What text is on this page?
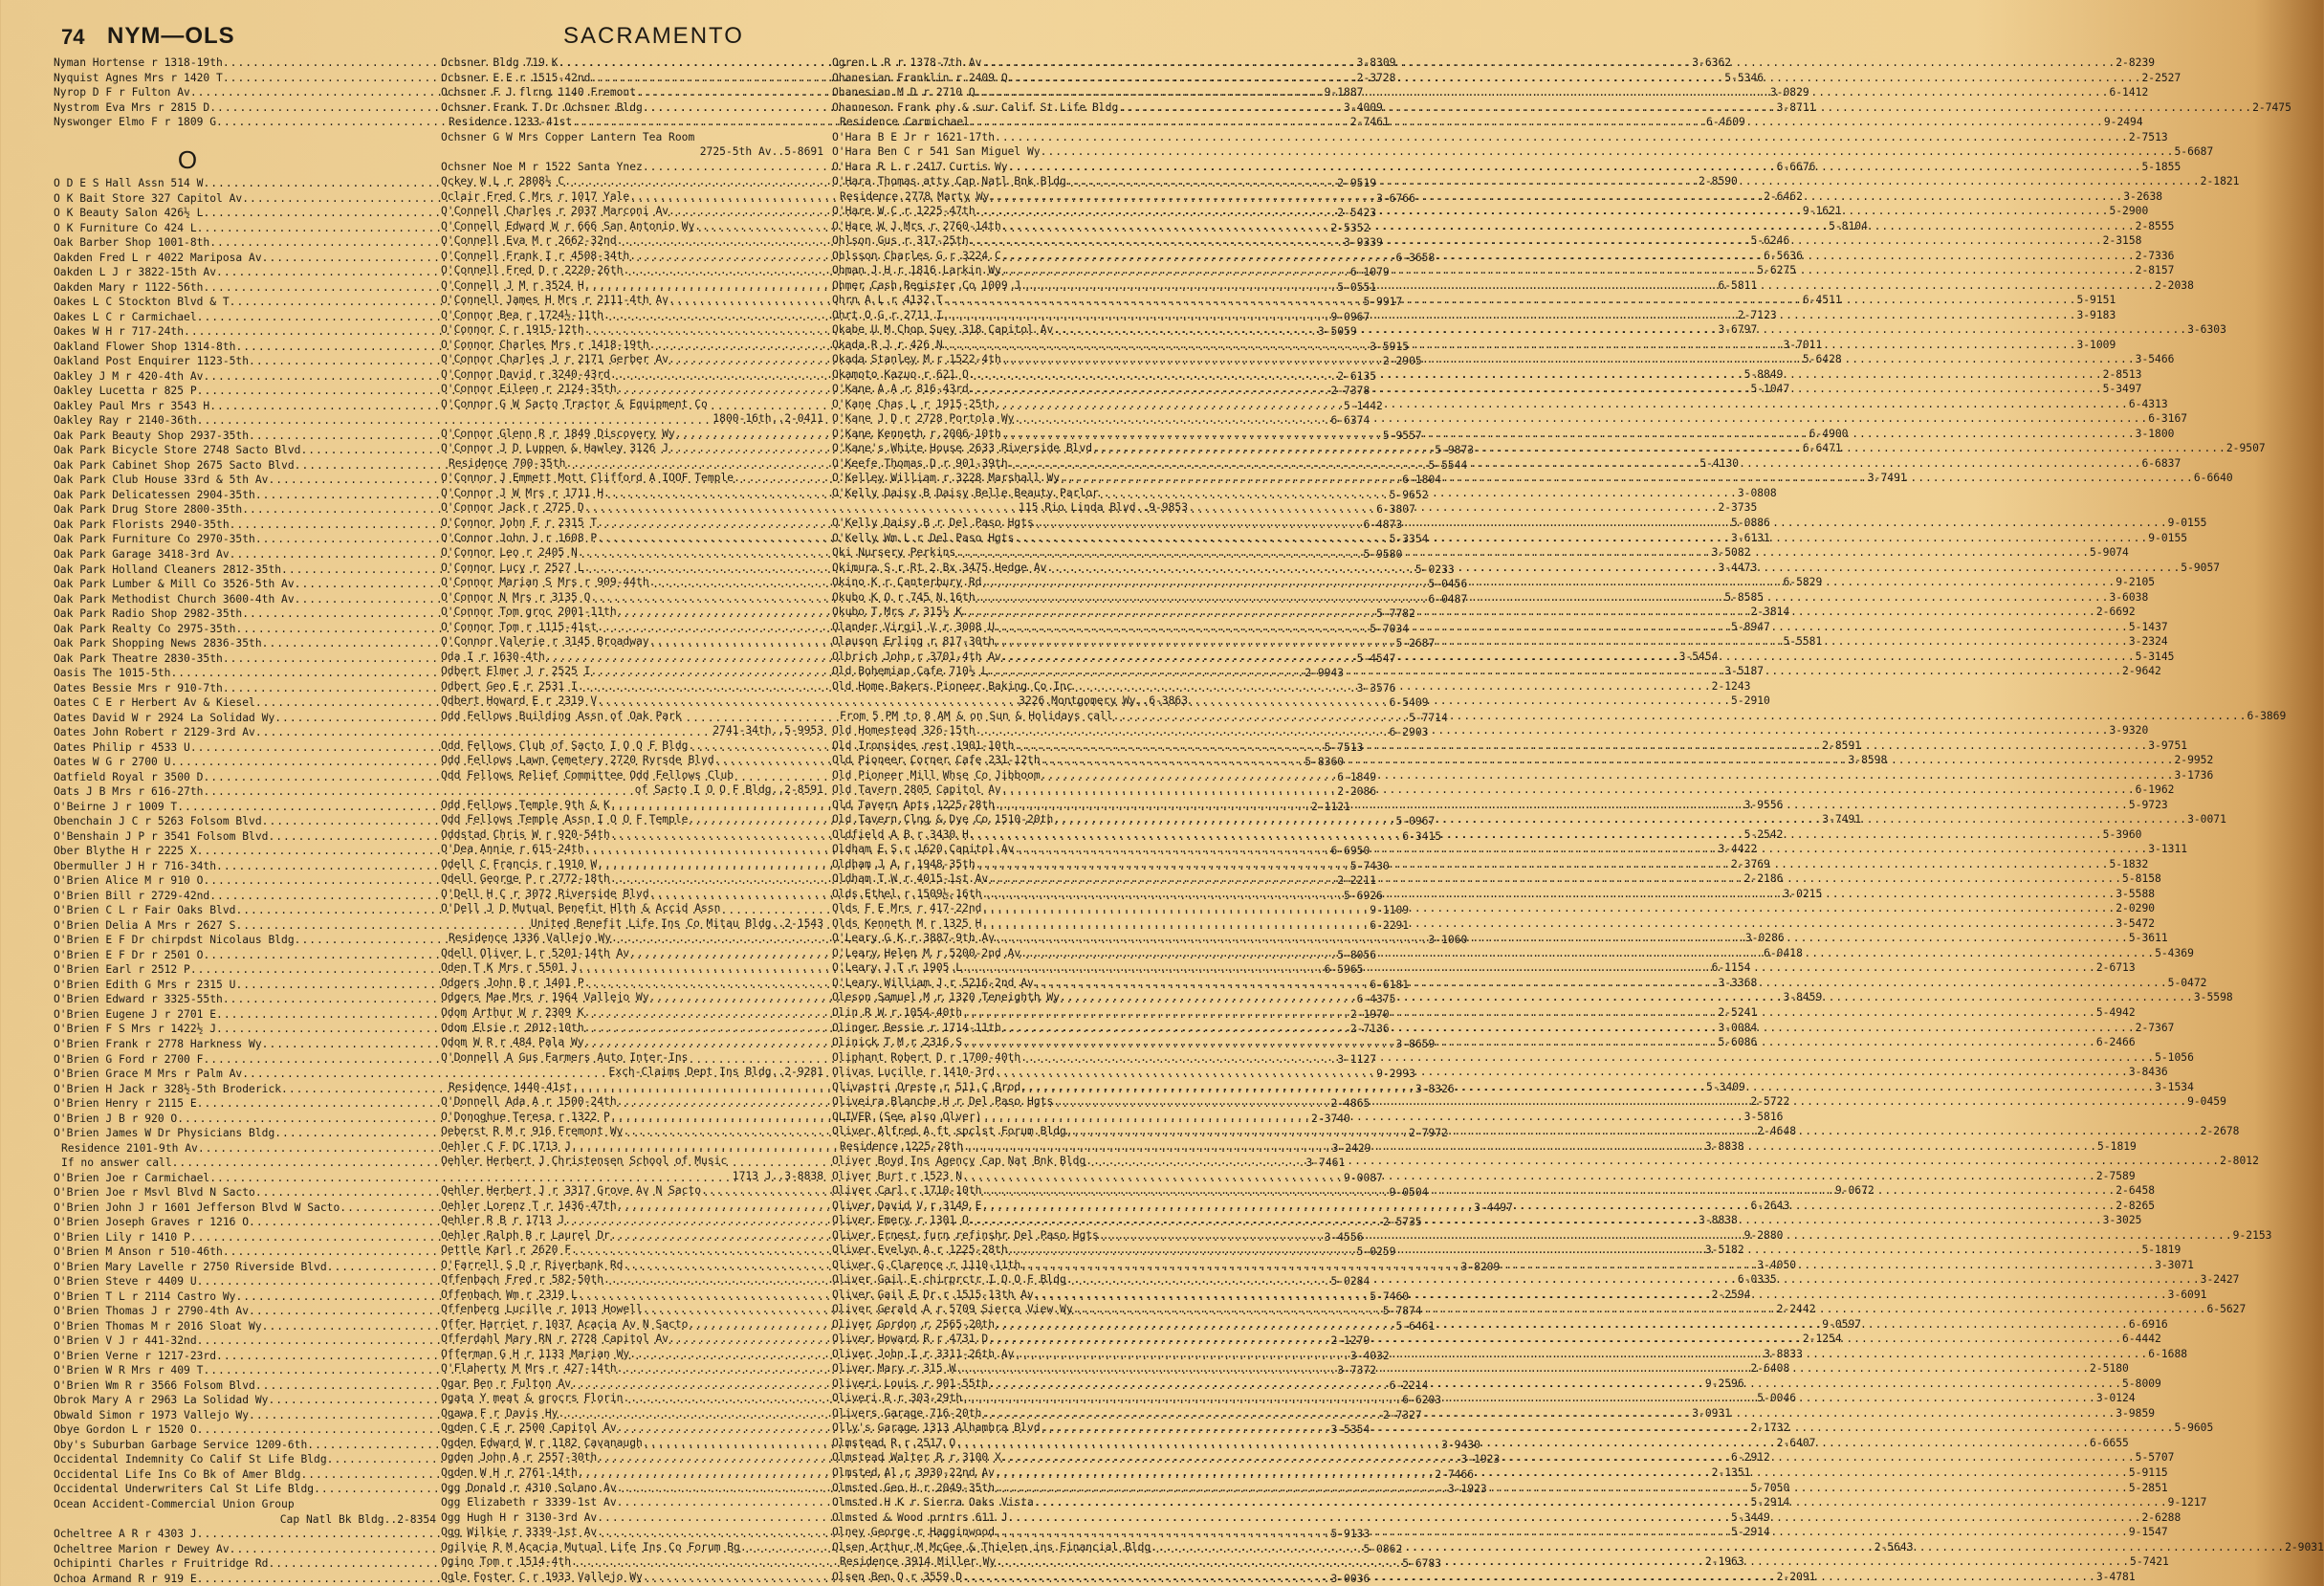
74 NYM—OLS	SACRAMENTO
Nyman Hortense r 1318-19th .....	3-8309
Nyquist Agnes Mrs r 1420 T .....	2-3728
Nyrop D F r Fulton Av .....	9-1887
Nystrom Eva Mrs r 2815 D .....	3-4009
Nyswonger Elmo F r 1809 G .....	2-7461
O
O D E S Hall Assn 514 W .....	2-9519
O K Bait Store 327 Capitol Av .....	3-6766
O K Beauty Salon 426½ L .....	2-5423
O K Furniture Co 424 L .....	2-5352
Oak Barber Shop 1001-8th .....	3-9339
Oakden Fred L r 4022 Mariposa Av .....	6-3658
Oakden L J r 3822-15th Av .....	6-1079
Oakden Mary r 1122-56th .....	5-0551
Oakes L C Stockton Blvd & T .....	5-9917
Oakes L C r Carmichael .....	9-0967
Oakes W H r 717-24th .....	3-5059
Oakland Flower Shop 1314-8th .....	3-5915
Oakland Post Enquirer 1123-5th .....	2-2905
Oakley J M r 420-4th Av .....	2-6135
Oakley Lucetta r 825 P .....	2-7378
Oakley Paul Mrs r 3543 H .....	5-1442
Oakley Ray r 2140-36th .....	6-6374
Oak Park Beauty Shop 2937-35th .....	5-9557
Oak Park Bicycle Store 2748 Sacto Blvd .....	5-9873
Oak Park Cabinet Shop 2675 Sacto Blvd .....	5-5544
Oak Park Club House 33rd & 5th Av .....	6-1804
Oak Park Delicatessen 2904-35th .....	5-9652
Oak Park Drug Store 2800-35th .....	6-3807
Oak Park Florists 2940-35th .....	6-4873
Oak Park Furniture Co 2970-35th .....	5-3354
Oak Park Garage 3418-3rd Av .....	5-9580
Oak Park Holland Cleaners 2812-35th .....	5-0233
Oak Park Lumber & Mill Co 3526-5th Av .....	5-0456
Oak Park Methodist Church 3600-4th Av .....	6-0487
Oak Park Radio Shop 2982-35th .....	5-7782
Oak Park Realty Co 2975-35th .....	5-7034
Oak Park Shopping News 2836-35th .....	5-2687
Oak Park Theatre 2830-35th .....	5-4547
Oasis The 1015-5th .....	2-9943
Oates Bessie Mrs r 910-7th .....	3-3576
Oates C E r Herbert Av & Kiesel .....	6-5409
Oates David W r 2924 La Solidad Wy .....	5-7714
Oates John Robert r 2129-3rd Av .....	6-2903
Oates Philip r 4533 U .....	5-7513
Oates W G r 2700 U .....	5-8360
Oatfield Royal r 3500 D .....	6-1849
Oats J B Mrs r 616-27th .....	2-2086
O'Beirne J r 1009 T .....	2-1121
Obenchain J C r 5263 Folsom Blvd .....	5-0967
O'Benshain J P r 3541 Folsom Blvd .....	6-3415
Ober Blythe H r 2225 X .....	6-6950
Obermuller J H r 716-34th .....	5-7430
O'Brien Alice M r 910 O .....	2-2211
O'Brien Bill r 2729-42nd .....	5-6926
O'Brien C L r Fair Oaks Blvd .....	9-1109
O'Brien Delia A Mrs r 2627 S .....	6-2291
O'Brien E F Dr chirpdst Nicolaus Bldg .....	3-1060
O'Brien E F Dr r 2501 O .....	5-8056
O'Brien Earl r 2512 P .....	6-5965
O'Brien Edith G Mrs r 2315 U .....	6-6181
O'Brien Edward r 3325-55th .....	6-4375
O'Brien Eugene J r 2701 E .....	2-1970
O'Brien F S Mrs r 1422½ J .....	2-7136
O'Brien Frank r 2778 Harkness Wy .....	3-8659
O'Brien G Ford r 2700 F .....	3-1127
O'Brien Grace M Mrs r Palm Av .....	9-2993
O'Brien H Jack r 328½-5th Broderick .....	3-8326
O'Brien Henry r 2115 E .....	2-4865
O'Brien J B r 920 O .....	2-3740
O'Brien James W Dr Physicians Bldg .....	2-7972
Residence 2101-9th Av .....	3-2429
If no answer call .....	3-7461
O'Brien Joe r Carmichael .....	9-0087
O'Brien Joe r Msvl Blvd N Sacto .....	9-0504
O'Brien John J r 1601 Jefferson Blvd W Sacto .....	3-4497
O'Brien Joseph Graves r 1216 O .....	2-5735
O'Brien Lily r 1410 P .....	3-4556
O'Brien M Anson r 510-46th .....	5-0259
O'Brien Mary Lavelle r 2750 Riverside Blvd .....	3-8209
O'Brien Steve r 4409 U .....	5-0284
O'Brien T L r 2114 Castro Wy .....	5-7460
O'Brien Thomas J r 2790-4th Av .....	5-7874
O'Brien Thomas M r 2016 Sloat Wy .....	5-6461
O'Brien V J r 441-32nd .....	2-1279
O'Brien Verne r 1217-23rd .....	3-4032
O'Brien W R Mrs r 409 T .....	3-7372
O'Brien Wm R r 3566 Folsom Blvd .....	6-2214
Obrok Mary A r 2963 La Solidad Wy .....	6-6203
Obwald Simon r 1973 Vallejo Wy .....	2-7327
Obye Gordon L r 1520 O .....	3-5354
Oby's Suburban Garbage Service 1209-6th .....	3-9430
Occidental Indemnity Co Calif St Life Bldg .....	3-1923
Occidental Life Ins Co Bk of Amer Bldg .....	2-7466
Occidental Underwriters Cal St Life Bldg .....	3-1923
Ocean Accident-Commercial Union Group
Cap Natl Bk Bldg .. 2-8354
Ocheltree A R r 4303 J .....	5-9133
Ocheltree Marion r Dewey Av .....	5-0862
Ochipinti Charles r Fruitridge Rd .....	5-6783
Ochoa Armand R r 919 E .....	3-0036
Ochsner Bldg 719 K .....	3-6362
Ochsner E E r 1515-42nd .....	5-5346
Ochsner F J flrng 1140 Fremont .....	3-0829
Ochsner Frank T Dr Ochsner Bldg .....	3-8711
Residence 1233-41st .....	6-4609
Ochsner G W Mrs Copper Lantern Tea Room
2725-5th Av .. 5-8691
Ochsner Noe M r 1522 Santa Ynez .....	6-6676
Ockey W L r 2808½ C .....	2-8590
Oclair Fred C Mrs r 1017 Yale .....	2-6462
O'Connell Charles r 2037 Marconi Av .....	9-1621
O'Connell Edward W r 666 San Antonio Wy .....	5-8104
O'Connell Eva M r 2662-32nd .....	5-6246
O'Connell Frank I r 4508-34th .....	6-5636
O'Connell Fred D r 2220-26th .....	5-6275
O'Connell J M r 3524 H .....	6-5811
O'Connell James H Mrs r 2111-4th Av .....	6-4511
O'Connor Bea r 1724½-11th .....	2-7123
O'Connor C r 1915-12th .....	3-6797
O'Connor Charles Mrs r 1418-19th .....	3-7011
O'Connor Charles J r 2171 Gerber Av .....	5-6428
O'Connor David r 3240-43rd .....	5-8849
O'Connor Eileen r 2124-35th .....	5-1047
O'Connor G W Sacto Tractor & Equipment Co
1800-16th .. 2-0411
O'Connor Glenn R r 1849 Discovery Wy .....	6-4900
O'Connor J D Luppen & Hawley 3126 J .....	6-6471
Residence 700-35th .....	5-4130
O'Connor J Emmett Mott Clifford A IOOF Temple .....	3-7491
O'Connor J W Mrs r 1711 H .....	3-0808
O'Connor Jack r 2725 D .....	2-3735
O'Connor John F r 2315 T .....	5-0886
O'Connor John J r 1608 P .....	3-6131
O'Connor Leo r 2405 N .....	3-5082
O'Connor Lucy r 2527 L .....	3-4473
O'Connor Marian S Mrs r 909-44th .....	6-5829
O'Connor N Mrs r 3135 O .....	5-8585
O'Connor Tom groc 2001-11th .....	2-3814
O'Connor Tom r 1115-41st .....	5-8947
O'Connor Valerie r 3145 Broadway .....	5-5581
Oda I r 1630-4th .....	3-5454
Odbert Elmer J r 2525 I .....	3-5187
Odbert Geo E r 2531 I .....	2-1243
Odbert Howard E r 2319 V .....	5-2910
Odd Fellows Building Assn of Oak Park
2741-34th .. 5-9953
Odd Fellows Club of Sacto I O O F Bldg .....	2-8591
Odd Fellows Lawn Cemetery 2720 Rvrsde Blvd .....	3-8598
Odd Fellows Relief Committee Odd Fellows Club
of Sacto I O O F Bldg .. 2-8591
Odd Fellows Temple 9th & K .....	3-9556
Odd Fellows Temple Assn I O O F Temple .....	3-7491
Oddstad Chris W r 920-54th .....	5-2542
O'Dea Annie r 615-24th .....	3-4422
Odell C Francis r 1910 W .....	2-3769
Odell George P r 2772-18th .....	2-2186
O'Dell H C r 3072 Riverside Blvd .....	3-0215
O'Dell J D Mutual Benefit Hlth & Accid Assn
United Benefit Life Ins Co Mitau Bldg .. 2-1543
Residence 1336 Vallejo Wy .....	3-0286
Odell Oliver L r 5201-14th Av .....	6-0418
Oden T K Mrs r 5501 J .....	6-1154
Odgers John B r 1401 P .....	3-3368
Odgers Mae Mrs r 1964 Vallejo Wy .....	3-8459
Odom Arthur W r 2309 K .....	2-5241
Odom Elsie r 2012-10th .....	3-0084
Odom W R r 484 Pala Wy .....	5-6086
O'Donnell A Gus Farmers Auto Inter-Ins
Exch-Claims Dept Ins Bldg .. 2-9281
Residence 1440-41st .....	5-3409
O'Donnell Ada A r 1500-24th .....	2-5722
O'Donoghue Teresa r 1322 P .....	3-5816
Oeberst R M r 916 Fremont Wy .....	2-4648
Oehler C F DC 1713 J .....	3-8838
Oehler Herbert J Christensen School of Music
1713 J .. 3-8838
Oehler Herbert J r 3317 Grove Av N Sacto .....	9-0672
Oehler Lorenz T r 1436-47th .....	6-2643
Oehler R B r 1713 J .....	3-8838
Oehler Ralph B r Laurel Dr .....	9-2880
Oettle Karl r 2620 F .....	3-5182
O'Farrell S D r Riverbank Rd .....	3-4050
Offenbach Fred r 582-50th .....	6-0335
Offenbach Wm r 2319 L .....	2-2594
Offenberg Lucille r 1013 Howell .....	2-2442
Offer Harriet r 1037 Acacia Av N Sacto .....	9-0597
Offerdahl Mary RN r 2728 Capitol Av .....	2-1254
Offerman G H r 1133 Marian Wy .....	3-8833
O'Flaherty M Mrs r 427-14th .....	2-6408
Ogar Ben r Fulton Av .....	9-2596
Ogata Y meat & grocrs Florin .....	5-0046
Ogawa F r Davis Hy .....	3-0931
Ogden C E r 2500 Capitol Av .....	2-1732
Ogden Edward W r 1182 Cavanaugh .....	2-6407
Ogden John A r 2557-30th .....	6-2912
Ogden W H r 2761-14th .....	2-1351
Ogg Donald r 4310 Solano Av .....	5-7050
Ogg Elizabeth r 3339-1st Av .....	5-2914
Ogg Hugh H r 3130-3rd Av .....	5-3449
Ogg Wilkie r 3339-1st Av .....	5-2914
Ogilvie R M Acacia Mutual Life Ins Co Forum Bg .....	2-5643
Ogino Tom r 1514-4th .....	2-1963
Ogle Foster C r 1933 Vallejo Wy .....	2-2091
Ogren L R r 1378-7th Av .....	2-8239
Ohanesian Franklin r 2409 Q .....	2-2527
Ohanesian M D r 2710 Q .....	6-1412
Ohanneson Frank phy & sur Calif St Life Bldg .....	2-7475
Residence Carmichael .....	9-2494
O'Hara B E Jr r 1621-17th .....	2-7513
O'Hara Ben C r 541 San Miguel Wy .....	5-6687
O'Hara R L r 2417 Curtis Wy .....	5-1855
O'Hara Thomas atty Cap Natl Bnk Bldg .....	2-1821
Residence 2778 Marty Wy .....	3-2638
O'Hare W C r 1225-47th .....	5-2900
O'Hare W J Mrs r 2760-14th .....	2-8555
Ohlson Gus r 317-25th .....	2-3158
Ohlsson Charles G r 3224 C .....	2-7336
Ohman J H r 1816 Larkin Wy .....	2-8157
Ohmer Cash Register Co 1009 J .....	2-2038
Ohrn A L r 4132 T .....	5-9151
Ohrt O G r 2711 I .....	3-9183
Okabe U M Chop Suey 318 Capitol Av .....	3-6303
Okada R J r 426 N .....	3-1009
Okada Stanley M r 1522-4th .....	3-5466
Okamoto Kazuo r 621 O .....	2-8513
O'Kane A A r 816-43rd .....	5-3497
O'Kane Chas L r 1915-25th .....	6-4313
O'Kane J D r 2728 Portola Wy .....	6-3167
O'Kane Kenneth r 2006-10th .....	3-1800
O'Kane's White House 2633 Riverside Blvd .....	2-9507
O'Keefe Thomas D r 901-39th .....	6-6837
O'Kelley William r 3228 Marshall Wy .....	6-6640
O'Kelly Daisy B Daisy Belle Beauty Parlor
115 Rio Linda Blvd .. 9-9853
O'Kelly Daisy B r Del Paso Hgts .....	9-0155
O'Kelly Wm L r Del Paso Hgts .....	9-0155
Oki Nursery Perkins .....	5-9074
Okimura S r Rt 2 Bx 3475 Hedge Av .....	5-9057
Okino K r Canterbury Rd .....	9-2105
Okubo K O r 745 N 16th .....	3-6038
Okubo T Mrs r 315½ K .....	2-6692
Olander Virgil V r 3008 U .....	5-1437
Olauson Erling r 817-30th .....	3-2324
Olbrich John r 3701-4th Av .....	5-3145
Old Bohemian Cafe 710½ L .....	2-9642
Old Home Bakers Pioneer Baking Co Inc
3226 Montgomery Wy .. 6-3863
From 5 PM to 8 AM & on Sun & Holidays call .....	6-3869
Old Homestead 326-15th .....	3-9320
Old Ironsides rest 1901-10th .....	3-9751
Old Pioneer Corner Cafe 231-12th .....	2-9952
Old Pioneer Mill Whse Co Jibboom .....	3-1736
Old Tavern 2805 Capitol Av .....	6-1962
Old Tavern Apts 1225-28th .....	5-9723
Old Tavern Clng & Dye Co 1510-20th .....	3-0071
Oldfield A B r 3430 H .....	5-3960
Oldham E S r 1620 Capitol Av .....	3-1311
Oldham J A r 1948-35th .....	5-1832
Oldham T W r 4015-1st Av .....	5-8158
Olds Ethel r 1509½-16th .....	3-5588
Olds F E Mrs r 417-22nd .....	2-0290
Olds Kenneth M r 1325 H .....	3-5472
O'Leary G K r 3887-9th Av .....	5-3611
O'Leary Helen M r 5200-2nd Av .....	5-4369
O'Leary J T r 1905 L .....	2-6713
O'Leary William J r 5216-2nd Av .....	5-0472
Oleson Samuel M r 1320 Teneighth Wy .....	3-5598
Olin R W r 1054-40th .....	5-4942
Olinger Bessie r 1714-11th .....	2-7367
Olinick T M r 2316 S .....	6-2466
Oliphant Robert D r 1700-40th .....	5-1056
Olivas Lucille r 1410-3rd .....	3-8436
Olivastri Oreste r 511 C Brod .....	3-1534
Oliveira Blanche H r Del Paso Hgts .....	9-0459
OLIVER (See also Olver)
Oliver Alfred A ft spclst Forum Bldg .....	2-2678
Residence 1225-28th .....	5-1819
Oliver Boyd Ins Agency Cap Nat Bnk Bldg .....	2-8012
Oliver Burt r 1523 N .....	2-7589
Oliver Carl r 1710-10th .....	2-6458
Oliver David V r 3149 E .....	2-8265
Oliver Emery r 1301 O .....	3-3025
Oliver Ernest furn refinshr Del Paso Hgts .....	9-2153
Oliver Evelyn A r 1225-28th .....	5-1819
Oliver G Clarence r 1110-11th .....	3-3071
Oliver Gail E chirprctr I O O F Bldg .....	3-2427
Oliver Gail E Dr r 1515-13th Av .....	3-6091
Oliver Gerald A r 5709 Sierra View Wy .....	6-5627
Oliver Gordon r 2565-20th .....	6-6916
Oliver Howard R r 4731 D .....	6-4442
Oliver John I r 3311-26th Av .....	6-1688
Oliver Mary r 315 W .....	2-5180
Oliveri Louis r 901-55th .....	5-8009
Oliveri R r 303-29th .....	3-0124
Olivers Garage 716-20th .....	3-9859
Olly's Garage 1313 Alhambra Blvd .....	5-9605
Olmstead R r 2517 O .....	6-6655
Olmstead Walter R r 3100 X .....	5-5707
Olmsted Al r 3930-22nd Av .....	5-9115
Olmsted Geo H r 2049-35th .....	5-2851
Olmsted H K r Sierra Oaks Vista .....	9-1217
Olmsted & Wood prntrs 611 J .....	2-6288
Olney George r Hagginwood .....	9-1547
Olsen Arthur M McGee & Thielen ins Financial Bldg .....	2-9031
Residence 3914 Miller Wy .....	5-7421
Olsen Ben O r 3559 D .....	3-4781
